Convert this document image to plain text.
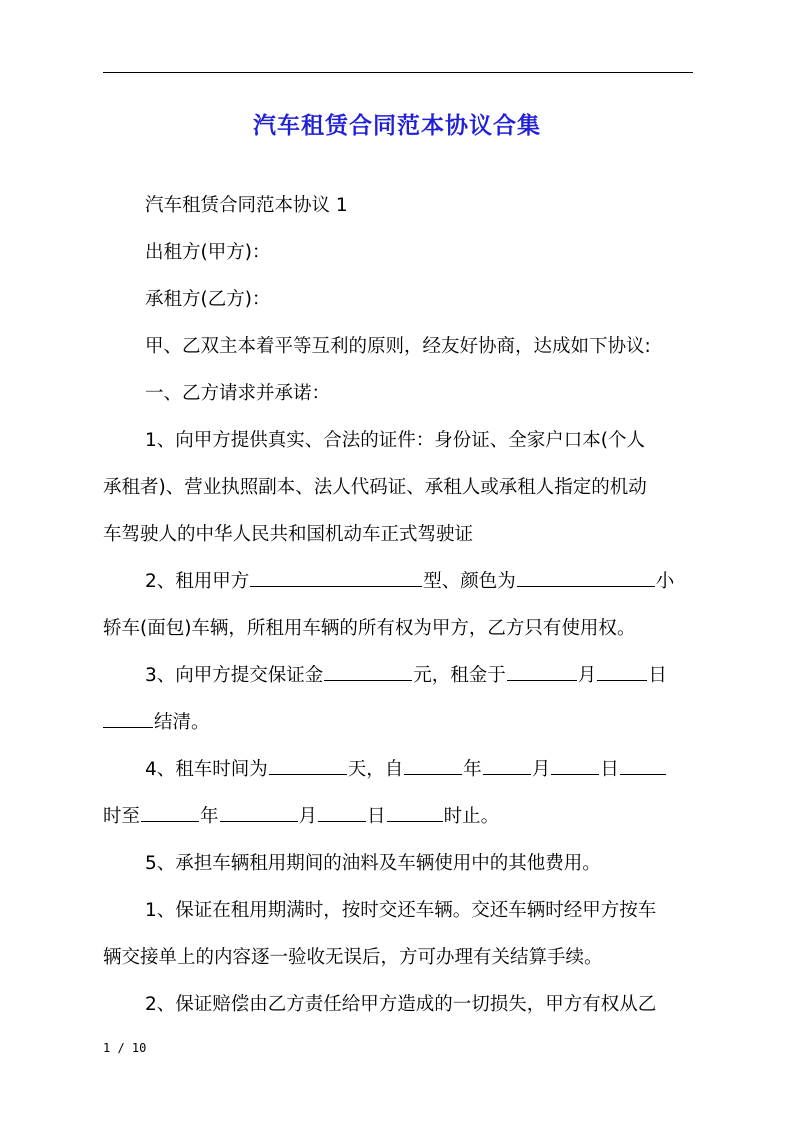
汽车租赁合同范本协议合集
汽车租赁合同范本协议 1
出租方(甲方)：
承租方(乙方)：
甲、乙双主本着平等互利的原则，经友好协商，达成如下协议:
一、乙方请求并承诺：
1、向甲方提供真实、合法的证件：身份证、全家户口本(个人
承租者)、营业执照副本、法人代码证、承租人或承租人指定的机动
车驾驶人的中华人民共和国机动车正式驾驶证
2、租用甲方	型、颜色为	小
轿车(面包)车辆，所租用车辆的所有权为甲方，乙方只有使用权。
3、向甲方提交保证金	元，租金于	月	日
结清。
4、租车时间为	天，自	年	月	日
时至	年	月	日	时止。
5、承担车辆租用期间的油料及车辆使用中的其他费用。
1、保证在租用期满时，按时交还车辆。交还车辆时经甲方按车
辆交接单上的内容逐一验收无误后，方可办理有关结算手续。
2、保证赔偿由乙方责任给甲方造成的一切损失，甲方有权从乙
1 / 10
